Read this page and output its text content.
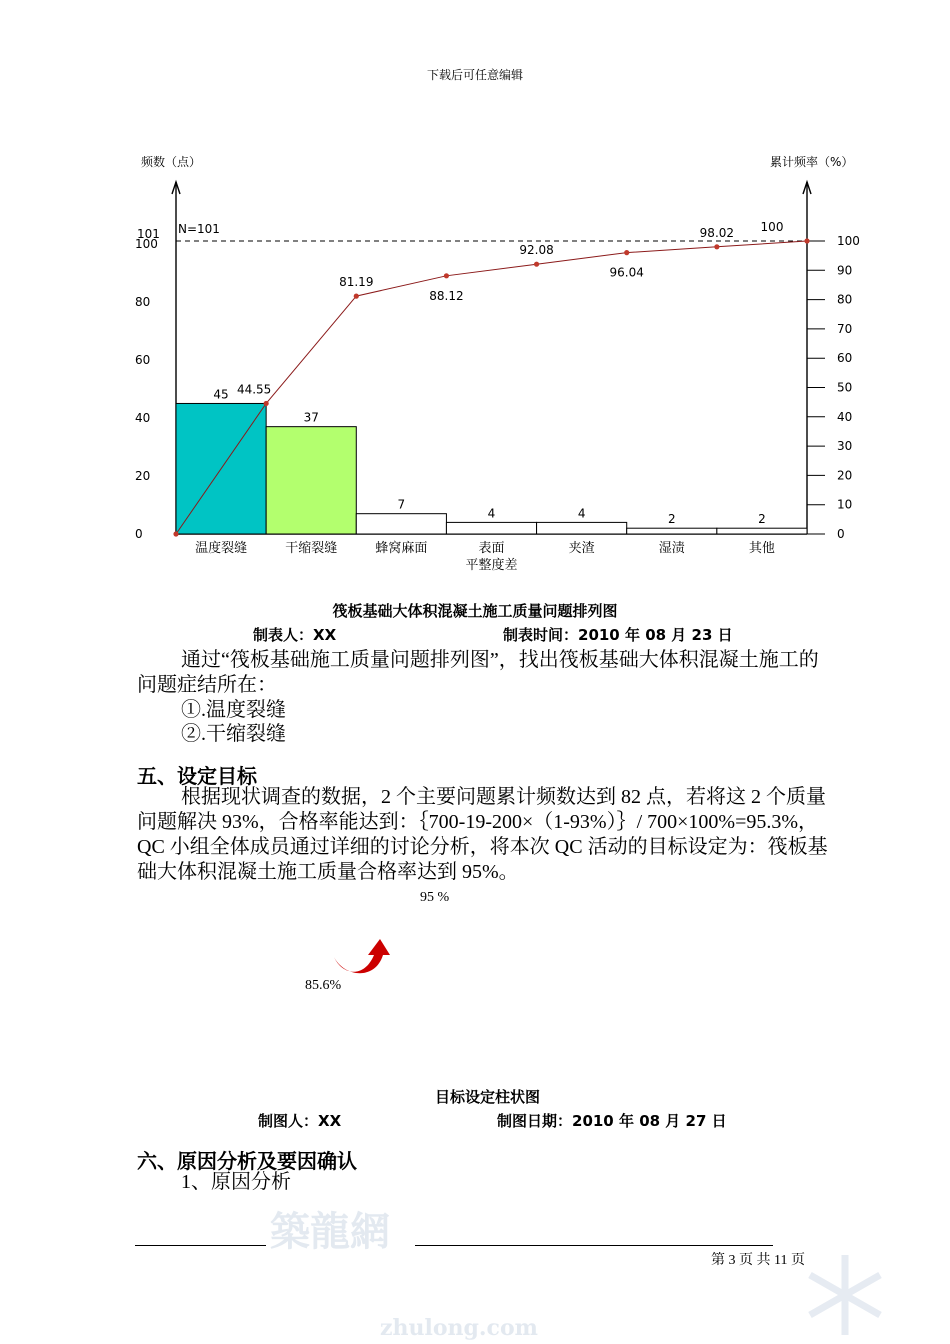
下载后可任意编辑
频数（点）	累计频率（%）
N=101
101
0
20
40
60
80
100
0
10
20
30
40
50
60
70
80
90
100
45
温度裂缝
37
干缩裂缝
7
蜂窝麻面
4
表面
4
夹渣
2
湿渍
2
其他
平整度差
44.55
81.19
88.12
92.08
96.04
98.02 100
筏板基础大体积混凝土施工质量问题排列图
制表人：XX	制表时间：2010 年 08 月 23 日
通过“筏板基础施工质量问题排列图”，找出筏板基础大体积混凝土施工的问题症结所在：
①.温度裂缝
②.干缩裂缝
五、设定目标
根据现状调查的数据，2 个主要问题累计频数达到 82 点，若将这 2 个质量问题解决 93%，合格率能达到：｛700-19-200×（1-93%）｝/ 700×100%=95.3%，QC 小组全体成员通过详细的讨论分析，将本次 QC 活动的目标设定为：筏板基础大体积混凝土施工质量合格率达到 95%。
95 %
85.6%
目标设定柱状图
制图人：XX	制图日期：2010 年 08 月 27 日
六、原因分析及要因确认
1、原因分析
築龍網
zhulong.com
第 3 页 共 11 页
